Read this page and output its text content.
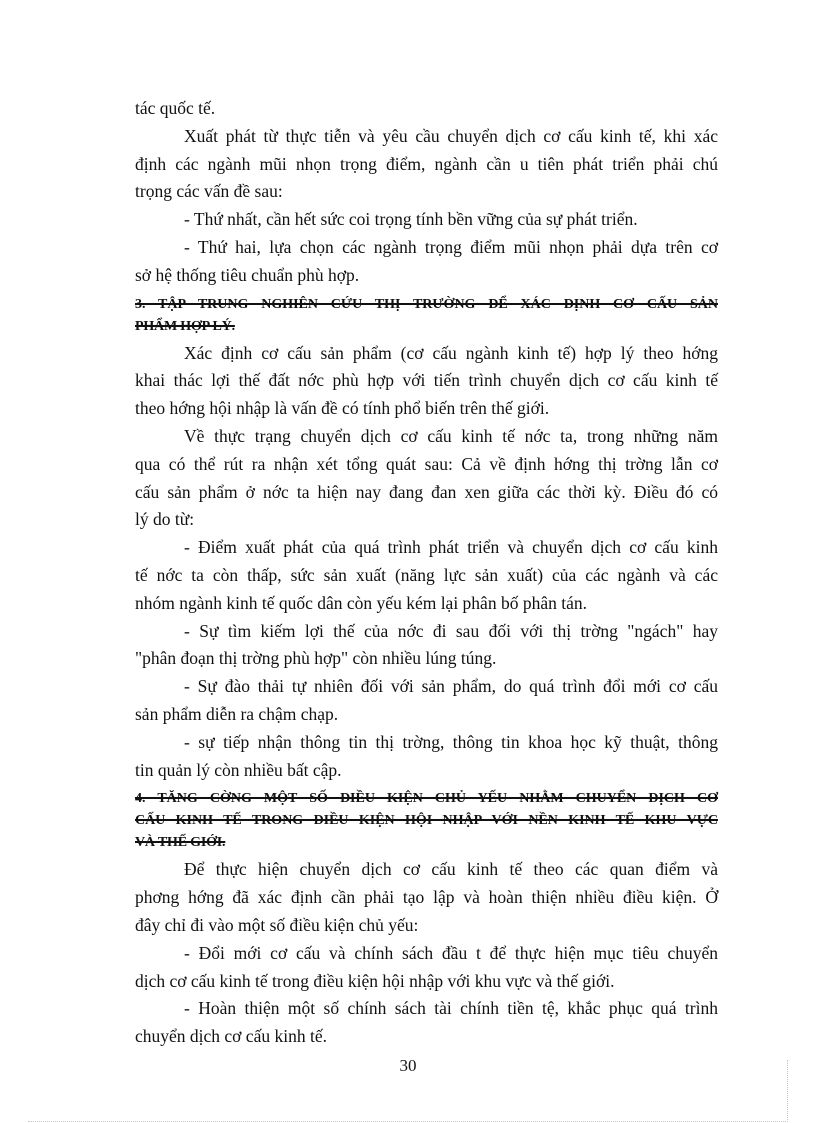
tác quốc tế.
Xuất phát từ thực tiễn và yêu cầu chuyển dịch cơ cấu kinh tế, khi xác
định các ngành mũi nhọn trọng điểm, ngành cần u tiên phát triển phải chú
trọng các vấn đề sau:
- Thứ nhất, cần hết sức coi trọng tính bền vững của sự phát triển.
- Thứ hai, lựa chọn các ngành trọng điểm mũi nhọn phải dựa trên cơ
sở hệ thống tiêu chuẩn phù hợp.
3. TẬP TRUNG NGHIÊN CỨU THỊ TRƯỜNG ĐỂ XÁC ĐỊNH CƠ CẤU SẢN
PHẨM HỢP LÝ.
Xác định cơ cấu sản phẩm (cơ cấu ngành kinh tế) hợp lý theo hớng
khai thác lợi thế đất nớc phù hợp với tiến trình chuyển dịch cơ cấu kinh tế
theo hớng hội nhập là vấn đề có tính phổ biến trên thế giới.
Về thực trạng chuyển dịch cơ cấu kinh tế nớc ta, trong những năm
qua có thể rút ra nhận xét tổng quát sau: Cả về định hớng thị trờng lẫn cơ
cấu sản phẩm ở nớc ta hiện nay đang đan xen giữa các thời kỳ. Điều đó có
lý do từ:
- Điểm xuất phát của quá trình phát triển và chuyển dịch cơ cấu kinh
tế nớc ta còn thấp, sức sản xuất (năng lực sản xuất) của các ngành và các
nhóm ngành kinh tế quốc dân còn yếu kém lại phân bố phân tán.
- Sự tìm kiếm lợi thế của nớc đi sau đối với thị trờng "ngách" hay
"phân đoạn thị trờng phù hợp" còn nhiều lúng túng.
- Sự đào thải tự nhiên đối với sản phẩm, do quá trình đổi mới cơ cấu
sản phẩm diễn ra chậm chạp.
- sự tiếp nhận thông tin thị trờng, thông tin khoa học kỹ thuật, thông
tin quản lý còn nhiều bất cập.
4. TĂNG CỜNG MỘT SỐ ĐIỀU KIỆN CHỦ YẾU NHẰM CHUYỂN DỊCH CƠ
CẤU KINH TẾ TRONG ĐIỀU KIỆN HỘI NHẬP VỚI NỀN KINH TẾ KHU VỰC
VÀ THẾ GIỚI.
Để thực hiện chuyển dịch cơ cấu kinh tế theo các quan điểm và
phơng hớng đã xác định cần phải tạo lập và hoàn thiện nhiều điều kiện. Ở
đây chỉ đi vào một số điều kiện chủ yếu:
- Đổi mới cơ cấu và chính sách đầu t để thực hiện mục tiêu chuyển
dịch cơ cấu kinh tế trong điều kiện hội nhập với khu vực và thế giới.
- Hoàn thiện một số chính sách tài chính tiền tệ, khắc phục quá trình
chuyển dịch cơ cấu kinh tế.
30
